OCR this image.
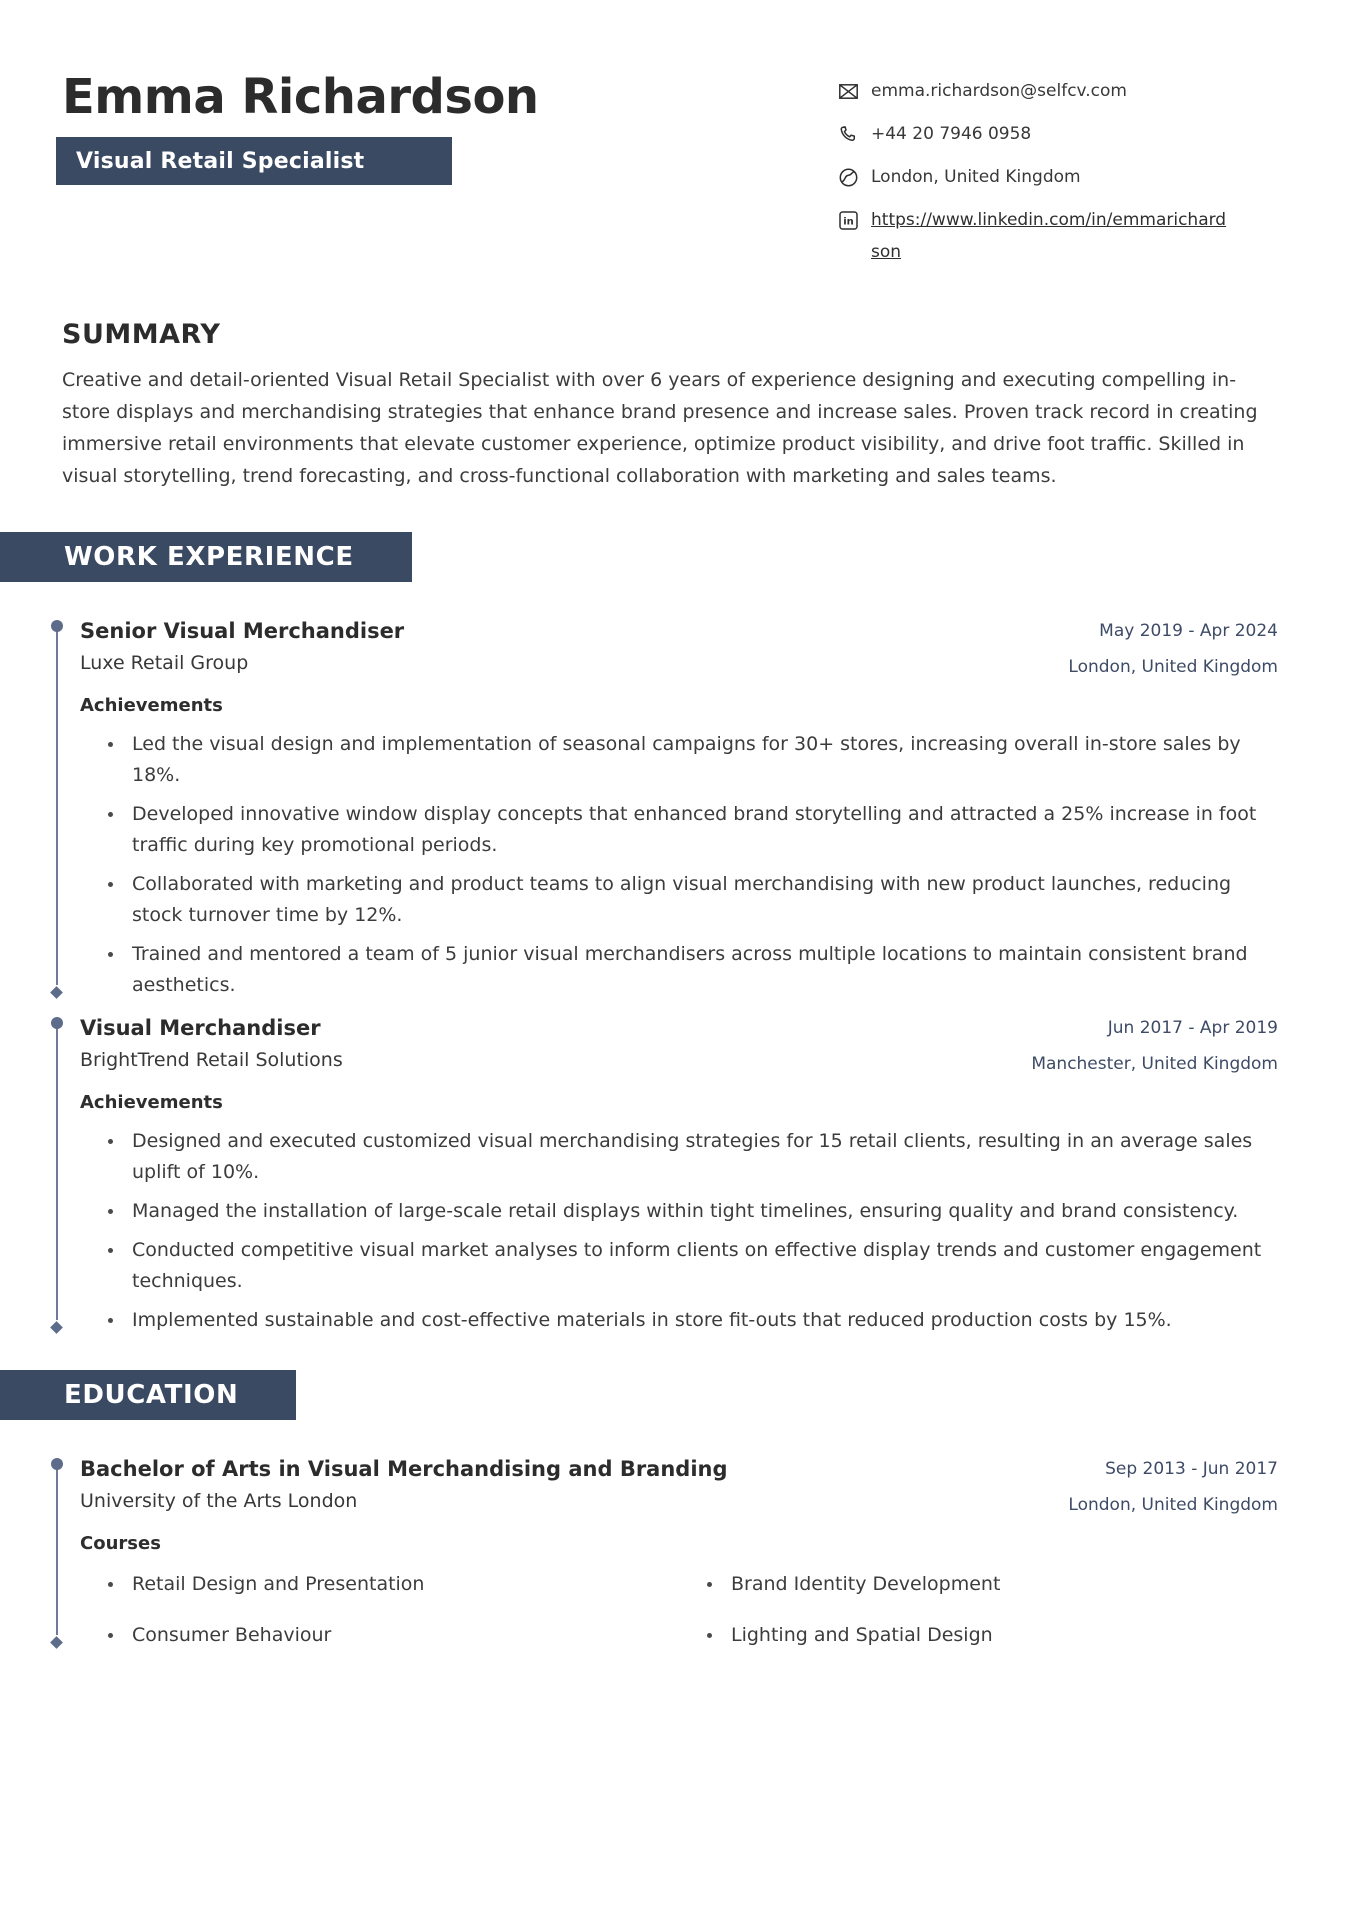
Emma Richardson
Visual Retail Specialist
emma.richardson@selfcv.com
+44 20 7946 0958
London, United Kingdom
in https://www.linkedin.com/in/emmarichardson
SUMMARY

Creative and detail-oriented Visual Retail Specialist with over 6 years of experience designing and executing compelling in-store displays and merchandising strategies that enhance brand presence and increase sales. Proven track record in creating immersive retail environments that elevate customer experience, optimize product visibility, and drive foot traffic. Skilled in visual storytelling, trend forecasting, and cross-functional collaboration with marketing and sales teams.

WORK EXPERIENCE
Senior Visual Merchandiser
Luxe Retail Group
May 2019 - Apr 2024
London, United Kingdom
Achievements
Led the visual design and implementation of seasonal campaigns for 30+ stores, increasing overall in-store sales by 18%.
Developed innovative window display concepts that enhanced brand storytelling and attracted a 25% increase in foot traffic during key promotional periods.
Collaborated with marketing and product teams to align visual merchandising with new product launches, reducing stock turnover time by 12%.
Trained and mentored a team of 5 junior visual merchandisers across multiple locations to maintain consistent brand aesthetics.
Visual Merchandiser
BrightTrend Retail Solutions
Jun 2017 - Apr 2019
Manchester, United Kingdom
Achievements
Designed and executed customized visual merchandising strategies for 15 retail clients, resulting in an average sales uplift of 10%.
Managed the installation of large-scale retail displays within tight timelines, ensuring quality and brand consistency.
Conducted competitive visual market analyses to inform clients on effective display trends and customer engagement techniques.
Implemented sustainable and cost-effective materials in store fit-outs that reduced production costs by 15%.
EDUCATION
Bachelor of Arts in Visual Merchandising and Branding
University of the Arts London
Sep 2013 - Jun 2017
London, United Kingdom
Courses
Retail Design and Presentation	Brand Identity Development
Consumer Behaviour	Lighting and Spatial Design
